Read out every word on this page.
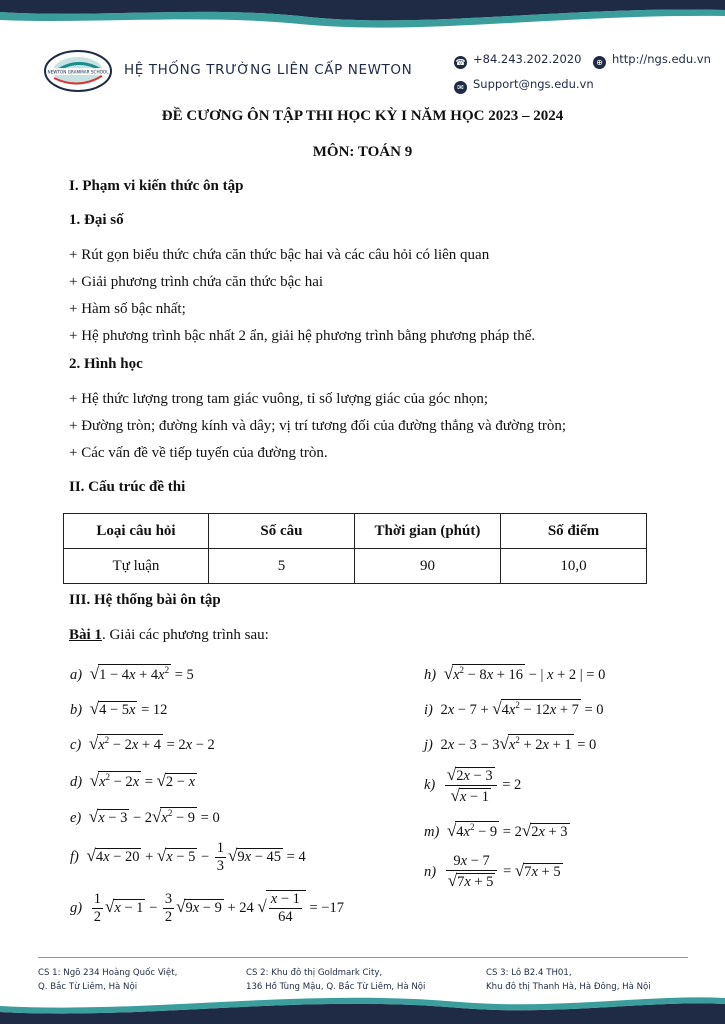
NEWTON GRAMMAR SCHOOL HỆ THỐNG TRƯỜNG LIÊN CẤP NEWTON	☎ +84.243.202.2020	⊕ http://ngs.edu.vn
✉ Support@ngs.edu.vn
ĐỀ CƯƠNG ÔN TẬP THI HỌC KỲ I NĂM HỌC 2023 – 2024
MÔN: TOÁN 9
I. Phạm vi kiến thức ôn tập
1. Đại số
+ Rút gọn biểu thức chứa căn thức bậc hai và các câu hỏi có liên quan
+ Giải phương trình chứa căn thức bậc hai
+ Hàm số bậc nhất;
+ Hệ phương trình bậc nhất 2 ẩn, giải hệ phương trình bằng phương pháp thế.
2. Hình học
+ Hệ thức lượng trong tam giác vuông, tỉ số lượng giác của góc nhọn;
+ Đường tròn; đường kính và dây; vị trí tương đối của đường thẳng và đường tròn;
+ Các vấn đề về tiếp tuyến của đường tròn.
II. Cấu trúc đề thi
Loại câu hỏi	Số câu	Thời gian (phút)	Số điểm
Tự luận	5	90	10,0
III. Hệ thống bài ôn tập
Bài 1. Giải các phương trình sau:
a) $√1 - 4x + 4x^2 = 5$
b) √4 − 5x = 12
c) $√x^2 - 2x + 4 = 2x - 2$
d) $√x^2 - 2x = √2 - x$
e) $√x - 3 - 2√x^2 - 9 = 0$
f) $√4x - 20 + √x - 5 - \frac{1}{3} √9x - 45 = 4$
$g) \frac{1}{2} √x - 1 - \frac{3}{2} √9x - 9 + 24$ √ $\frac{x - 1}{64} = -17$
h) $√x^2 - 8x + 16$ − | x + 2 | = 0
i) $2x - 7 + √4x^2 - 12x + 7 = 0$
j) $2x - 3 - 3√x^2 + 2x + 1 = 0$
$k) \frac{√2x - 3}{√x - 1} = 2$
m) $√4x^2 - 9 = 2√2x + 3$
$n) \frac{9x - 7}{√7x + 5} = √7x + 5$
CS 1: Ngõ 234 Hoàng Quốc Việt,
Q. Bắc Từ Liêm, Hà Nội
CS 2: Khu đô thị Goldmark City,
136 Hồ Tùng Mậu, Q. Bắc Từ Liêm, Hà Nội
CS 3: Lô B2.4 TH01,
Khu đô thị Thanh Hà, Hà Đông, Hà Nội
